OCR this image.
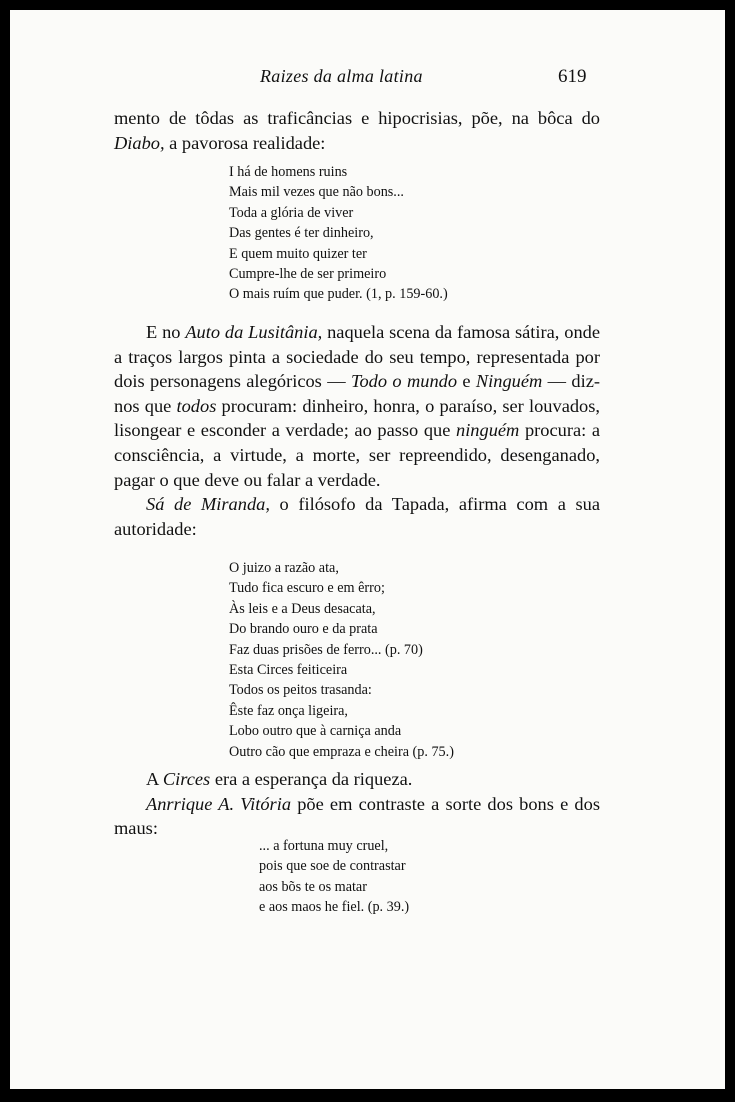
Raizes da alma latina	619

mento de tôdas as traficâncias e hipocrisias, põe, na bôca do Diabo, a pavorosa realidade:

I há de homens ruins
Mais mil vezes que não bons...
Toda a glória de viver
Das gentes é ter dinheiro,
E quem muito quizer ter
Cumpre-lhe de ser primeiro
O mais ruím que puder. (1, p. 159-60.)

E no Auto da Lusitânia, naquela scena da famosa sátira, onde a traços largos pinta a sociedade do seu tempo, representada por dois personagens alegóricos — Todo o mundo e Ninguém — diz-nos que todos procuram: dinheiro, honra, o paraíso, ser louvados, lisongear e esconder a verdade; ao passo que ninguém procura: a consciência, a virtude, a morte, ser repreendido, desenganado, pagar o que deve ou falar a verdade.

Sá de Miranda, o filósofo da Tapada, afirma com a sua autoridade:

O juizo a razão ata,
Tudo fica escuro e em êrro;
Às leis e a Deus desacata,
Do brando ouro e da prata
Faz duas prisões de ferro... (p. 70)
Esta Circes feiticeira
Todos os peitos trasanda:
Êste faz onça ligeira,
Lobo outro que à carniça anda
Outro cão que empraza e cheira (p. 75.)

A Circes era a esperança da riqueza.

Anrrique A. Vitória põe em contraste a sorte dos bons e dos maus:

... a fortuna muy cruel,
pois que soe de contrastar
aos bõs te os matar
e aos maos he fiel. (p. 39.)
